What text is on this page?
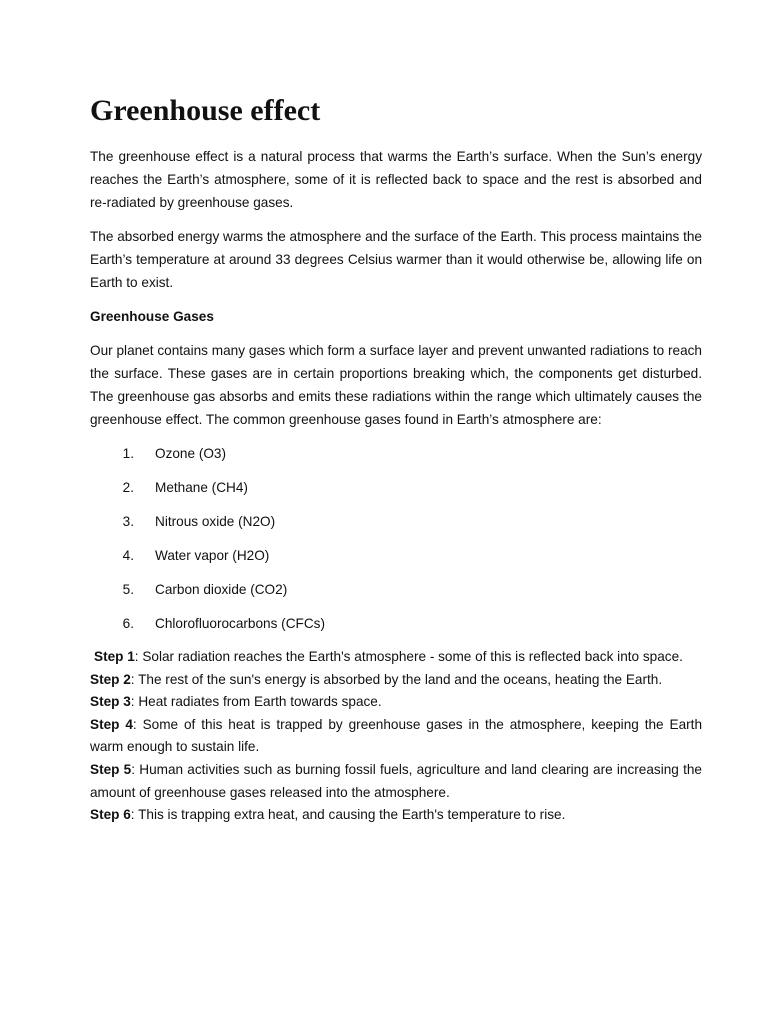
Greenhouse effect

The greenhouse effect is a natural process that warms the Earth’s surface. When the Sun’s energy reaches the Earth’s atmosphere, some of it is reflected back to space and the rest is absorbed and re-radiated by greenhouse gases.

The absorbed energy warms the atmosphere and the surface of the Earth. This process maintains the Earth’s temperature at around 33 degrees Celsius warmer than it would otherwise be, allowing life on Earth to exist.

Greenhouse Gases

Our planet contains many gases which form a surface layer and prevent unwanted radiations to reach the surface. These gases are in certain proportions breaking which, the components get disturbed. The greenhouse gas absorbs and emits these radiations within the range which ultimately causes the greenhouse effect. The common greenhouse gases found in Earth’s atmosphere are:

1.	Ozone (O3)
2.	Methane (CH4)
3.	Nitrous oxide (N2O)
4.	Water vapor (H2O)
5.	Carbon dioxide (CO2)
6.	Chlorofluorocarbons (CFCs)
Step 1: Solar radiation reaches the Earth's atmosphere - some of this is reflected back into space.
Step 2: The rest of the sun's energy is absorbed by the land and the oceans, heating the Earth.
Step 3: Heat radiates from Earth towards space.
Step 4: Some of this heat is trapped by greenhouse gases in the atmosphere, keeping the Earth warm enough to sustain life.
Step 5: Human activities such as burning fossil fuels, agriculture and land clearing are increasing the amount of greenhouse gases released into the atmosphere.
Step 6: This is trapping extra heat, and causing the Earth's temperature to rise.
